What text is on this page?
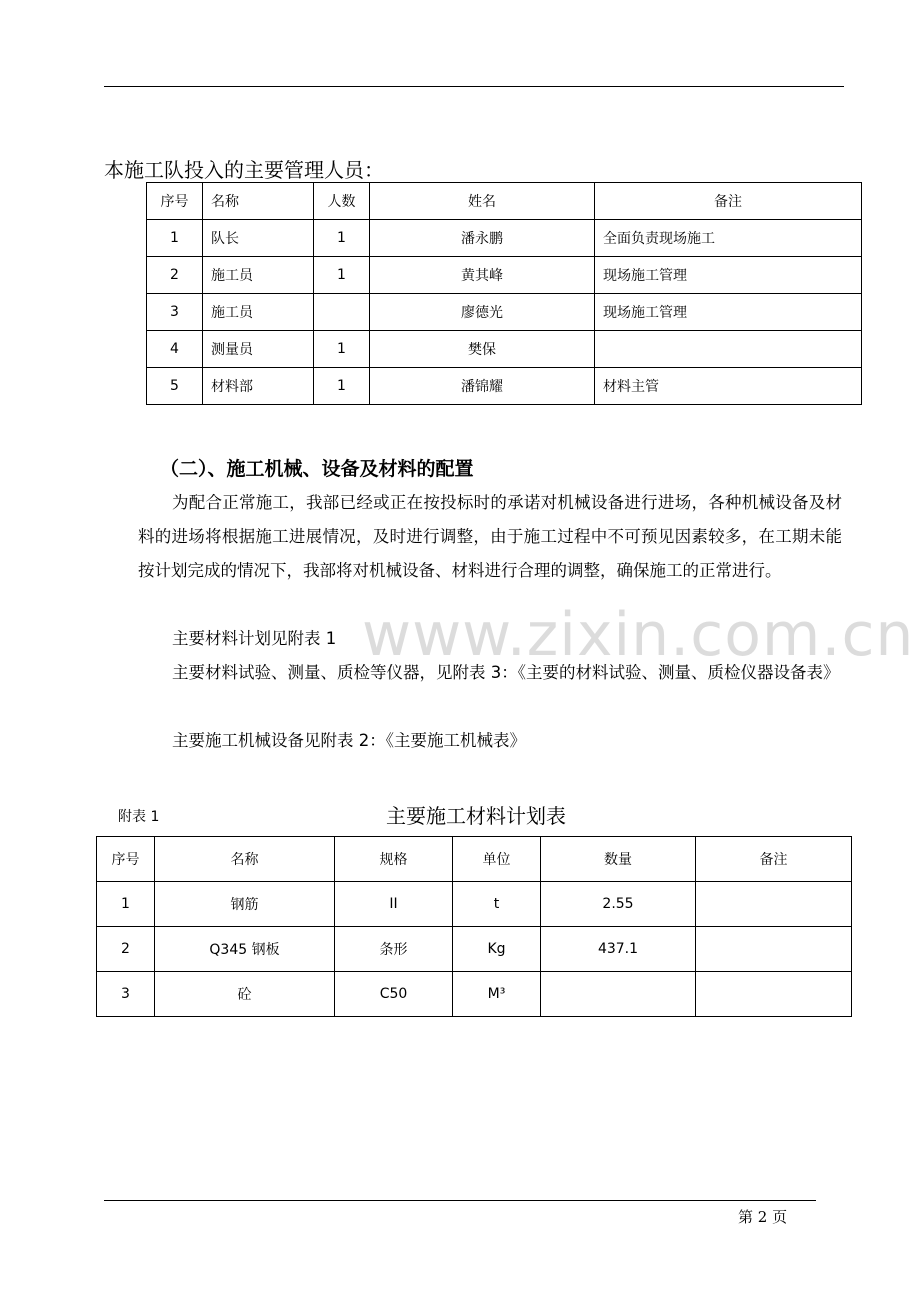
本施工队投入的主要管理人员：
序号	名称	人数	姓名	备注
1	队长	1	潘永鹏	全面负责现场施工
2	施工员	1	黄其峰	现场施工管理
3	施工员		廖德光	现场施工管理
4	测量员	1	樊保	
5	材料部	1	潘锦耀	材料主管
（二）、施工机械、设备及材料的配置
为配合正常施工，我部已经或正在按投标时的承诺对机械设备进行进场，各种机械设备及材料的进场将根据施工进展情况，及时进行调整，由于施工过程中不可预见因素较多，在工期未能按计划完成的情况下，我部将对机械设备、材料进行合理的调整，确保施工的正常进行。
www.zixin.com.cn
主要材料计划见附表 1
主要材料试验、测量、质检等仪器，见附表 3：《主要的材料试验、测量、质检仪器设备表》
主要施工机械设备见附表 2：《主要施工机械表》
附表 1	主要施工材料计划表
序号	名称	规格	单位	数量	备注
1	钢筋	II	t	2.55	
2	Q345 钢板	条形	Kg	437.1	
3	砼	C50	M³		
第 2 页
